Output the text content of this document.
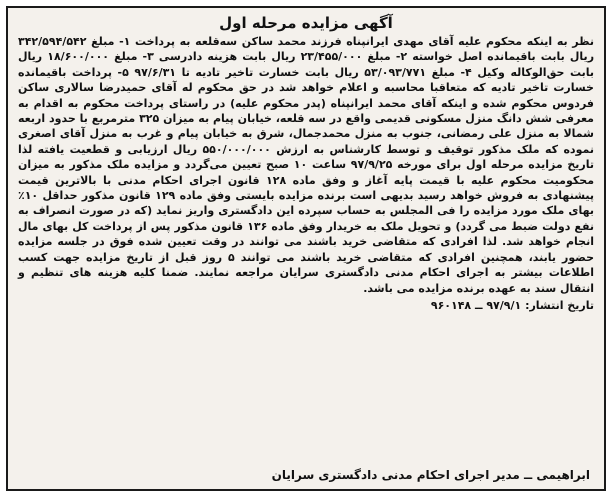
آگهی مزایده مرحله اول

نظر به اینکه محکوم علیه آقای مهدی ایرانپناه فرزند محمد ساکن سه‌قلعه به پرداخت ۱- مبلغ ۳۴۲/۵۹۴/۵۴۲ ریال بابت باقیمانده اصل خواسته ۲- مبلغ ۲۳/۴۵۵/۰۰۰ ریال بابت هزینه دادرسی ۳- مبلغ ۱۸/۶۰۰/۰۰۰ ریال بابت حق‌الوکاله وکیل ۴- مبلغ ۵۳/۰۹۳/۷۷۱ ریال بابت خسارت تاخیر تادیه تا ۹۷/۶/۳۱ ۵- پرداخت باقیمانده خسارت تاخیر تادیه که متعاقبا محاسبه و اعلام خواهد شد در حق محکوم له آقای حمیدرضا سالاری ساکن فردوس محکوم شده و اینکه آقای محمد ایرانپناه (پدر محکوم علیه) در راستای پرداخت محکوم به اقدام به معرفی شش دانگ منزل مسکونی قدیمی واقع در سه قلعه، خیابان پیام به میزان ۳۲۵ مترمربع با حدود اربعه شمالا به منزل علی رمضانی، جنوب به منزل محمدجمال، شرق به خیابان پیام و غرب به منزل آقای اصغری نموده که ملک مذکور توقیف و توسط کارشناس به ارزش ۵۵۰/۰۰۰/۰۰۰ ریال ارزیابی و قطعیت یافته لذا تاریخ مزایده مرحله اول برای مورخه ۹۷/۹/۲۵ ساعت ۱۰ صبح تعیین می‌گردد و مزایده ملک مذکور به میزان محکومیت محکوم علیه با قیمت پایه آغاز و وفق ماده ۱۲۸ قانون اجرای احکام مدنی با بالاترین قیمت پیشنهادی به فروش خواهد رسید بدیهی است برنده مزایده بایستی وفق ماده ۱۲۹ قانون مذکور حداقل ۱۰٪ بهای ملک مورد مزایده را فی المجلس به حساب سپرده این دادگستری واریز نماید (که در صورت انصراف به نفع دولت ضبط می گردد) و تحویل ملک به خریدار وفق ماده ۱۳۶ قانون مذکور پس از پرداخت کل بهای مال انجام خواهد شد. لذا افرادی که متقاضی خرید باشند می توانند در وقت تعیین شده فوق در جلسه مزایده حضور یابند، همچنین افرادی که متقاضی خرید باشند می توانند ۵ روز قبل از تاریخ مزایده جهت کسب اطلاعات بیشتر به اجرای احکام مدنی دادگستری سرایان مراجعه نمایند. ضمنا کلیه هزینه های تنظیم و انتقال سند به عهده برنده مزایده می باشد.

تاریخ انتشار: ۹۷/۹/۱ ــ ۹۶۰۱۴۸
ابراهیمی ــ مدیر اجرای احکام مدنی دادگستری سرایان
